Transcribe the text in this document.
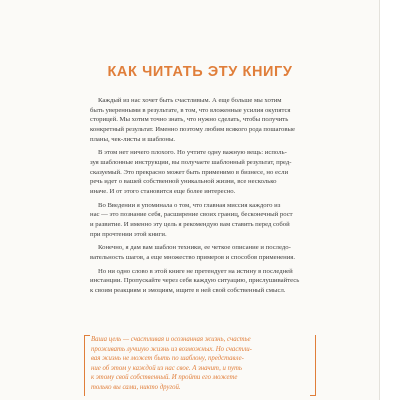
КАК ЧИТАТЬ ЭТУ КНИГУ
Каждый из нас хочет быть счастливым. А еще больше мы хотим
быть уверенными в результате, в том, что вложенные усилия окупятся
сторицей. Мы хотим точно знать, что нужно сделать, чтобы получить
конкретный результат. Именно поэтому любим всякого рода пошаговые
планы, чек-листы и шаблоны.
В этом нет ничего плохого. Но учтите одну важную вещь: исполь-
зуя шаблонные инструкции, вы получаете шаблонный результат, пред-
сказуемый. Это прекрасно может быть применимо в бизнесе, но если
речь идет о вашей собственной уникальной жизни, все несколько
иначе. И от этого становится еще более интересно.
Во Введении я упоминала о том, что главная миссия каждого из
нас — это познание себя, расширение своих границ, бесконечный рост
и развитие. И именно эту цель я рекомендую вам ставить перед собой
при прочтении этой книги.
Конечно, я дам вам шаблон техники, ее четкое описание и последо-
вательность шагов, а еще множество примеров и способов применения.
Но ни одно слово в этой книге не претендует на истину в последней
инстанции. Пропускайте через себя каждую ситуацию, прислушивайтесь
к своим реакциям и эмоциям, ищите в ней свой собственный смысл.
Ваша цель — счастливая и осознанная жизнь, счастье
проживать лучшую жизнь из возможных. Но счастли-
вая жизнь не может быть по шаблону, представле-
ние об этом у каждой из нас свое. А значит, и путь
к этому свой собственный. И пройти его можете
только вы сами, никто другой.
